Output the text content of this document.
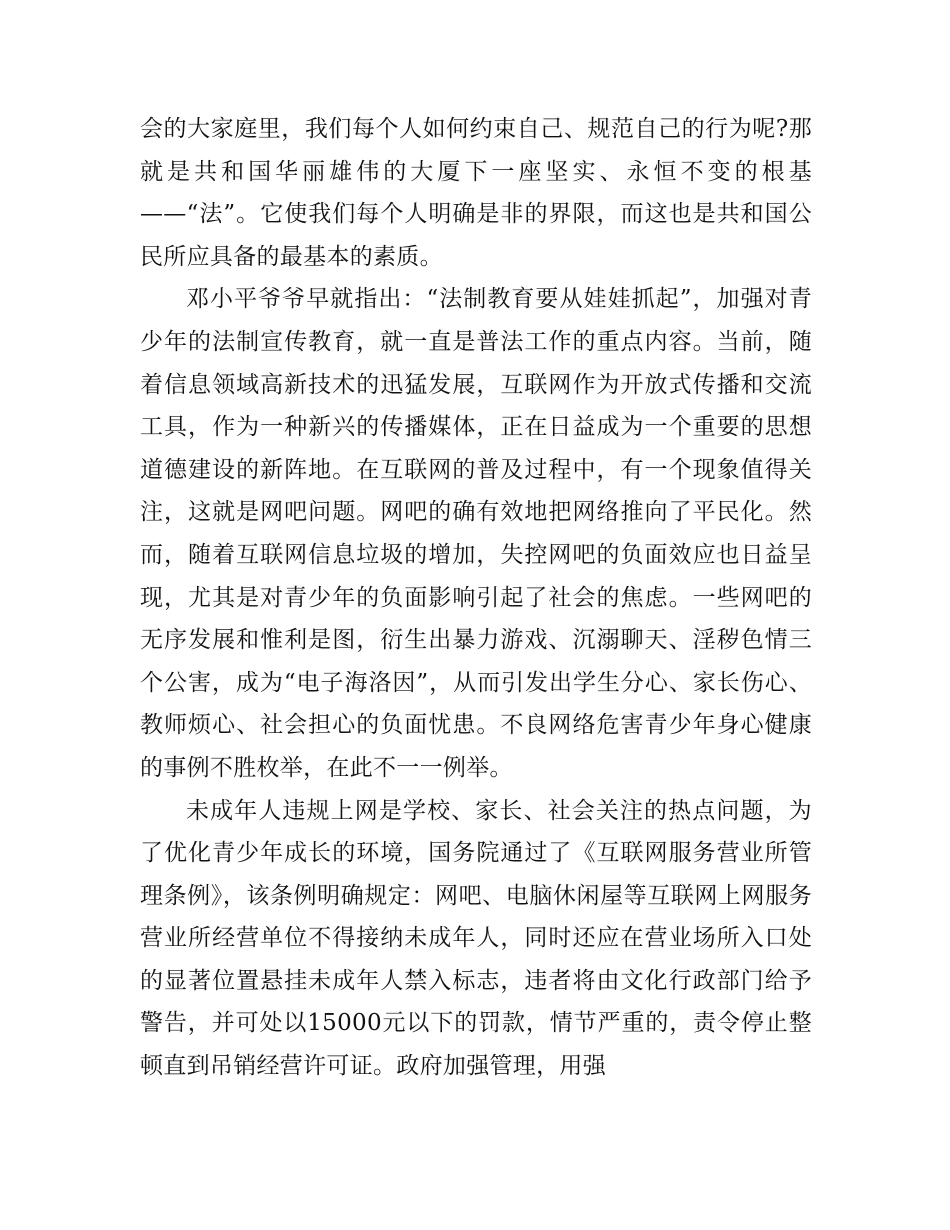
会的大家庭里，我们每个人如何约束自己、规范自己的行为呢?那就是共和国华丽雄伟的大厦下一座坚实、永恒不变的根基——“法”。它使我们每个人明确是非的界限，而这也是共和国公民所应具备的最基本的素质。

邓小平爷爷早就指出：“法制教育要从娃娃抓起”，加强对青少年的法制宣传教育，就一直是普法工作的重点内容。当前，随着信息领域高新技术的迅猛发展，互联网作为开放式传播和交流工具，作为一种新兴的传播媒体，正在日益成为一个重要的思想道德建设的新阵地。在互联网的普及过程中，有一个现象值得关注，这就是网吧问题。网吧的确有效地把网络推向了平民化。然而，随着互联网信息垃圾的增加，失控网吧的负面效应也日益呈现，尤其是对青少年的负面影响引起了社会的焦虑。一些网吧的无序发展和惟利是图，衍生出暴力游戏、沉溺聊天、淫秽色情三个公害，成为“电子海洛因”，从而引发出学生分心、家长伤心、教师烦心、社会担心的负面忧患。不良网络危害青少年身心健康的事例不胜枚举，在此不一一例举。

未成年人违规上网是学校、家长、社会关注的热点问题，为了优化青少年成长的环境，国务院通过了《互联网服务营业所管理条例》，该条例明确规定：网吧、电脑休闲屋等互联网上网服务营业所经营单位不得接纳未成年人，同时还应在营业场所入口处的显著位置悬挂未成年人禁入标志，违者将由文化行政部门给予警告，并可处以15000元以下的罚款，情节严重的，责令停止整顿直到吊销经营许可证。政府加强管理，用强
